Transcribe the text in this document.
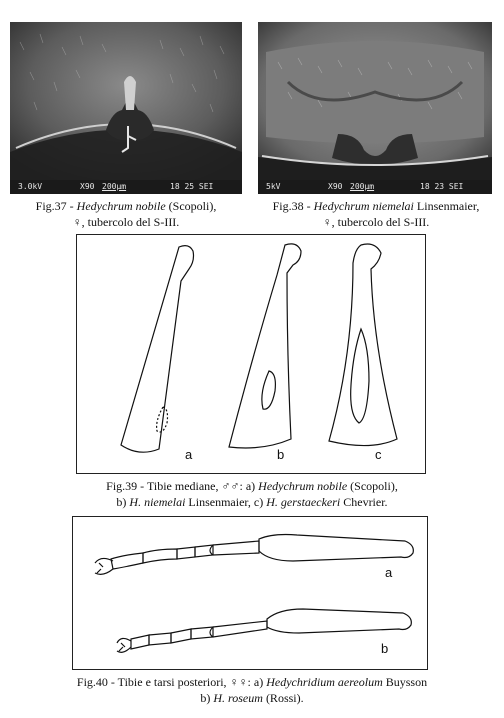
3.0kV

	X90

200μm

	18 25 SEI

	5kV

	X90

200μm

	18 23 SEI

Fig.37 - Hedychrum nobile (Scopoli),
♀, tubercolo del S-III.
Fig.38 - Hedychrum niemelai Linsenmaier,
♀, tubercolo del S-III.
a	b	c
Fig.39 - Tibie mediane, ♂♂: a) Hedychrum nobile (Scopoli),
b) H. niemelai Linsenmaier, c) H. gerstaeckeri Chevrier.
a
b
Fig.40 - Tibie e tarsi posteriori, ♀♀: a) Hedychridium aereolum Buysson
b) H. roseum (Rossi).
